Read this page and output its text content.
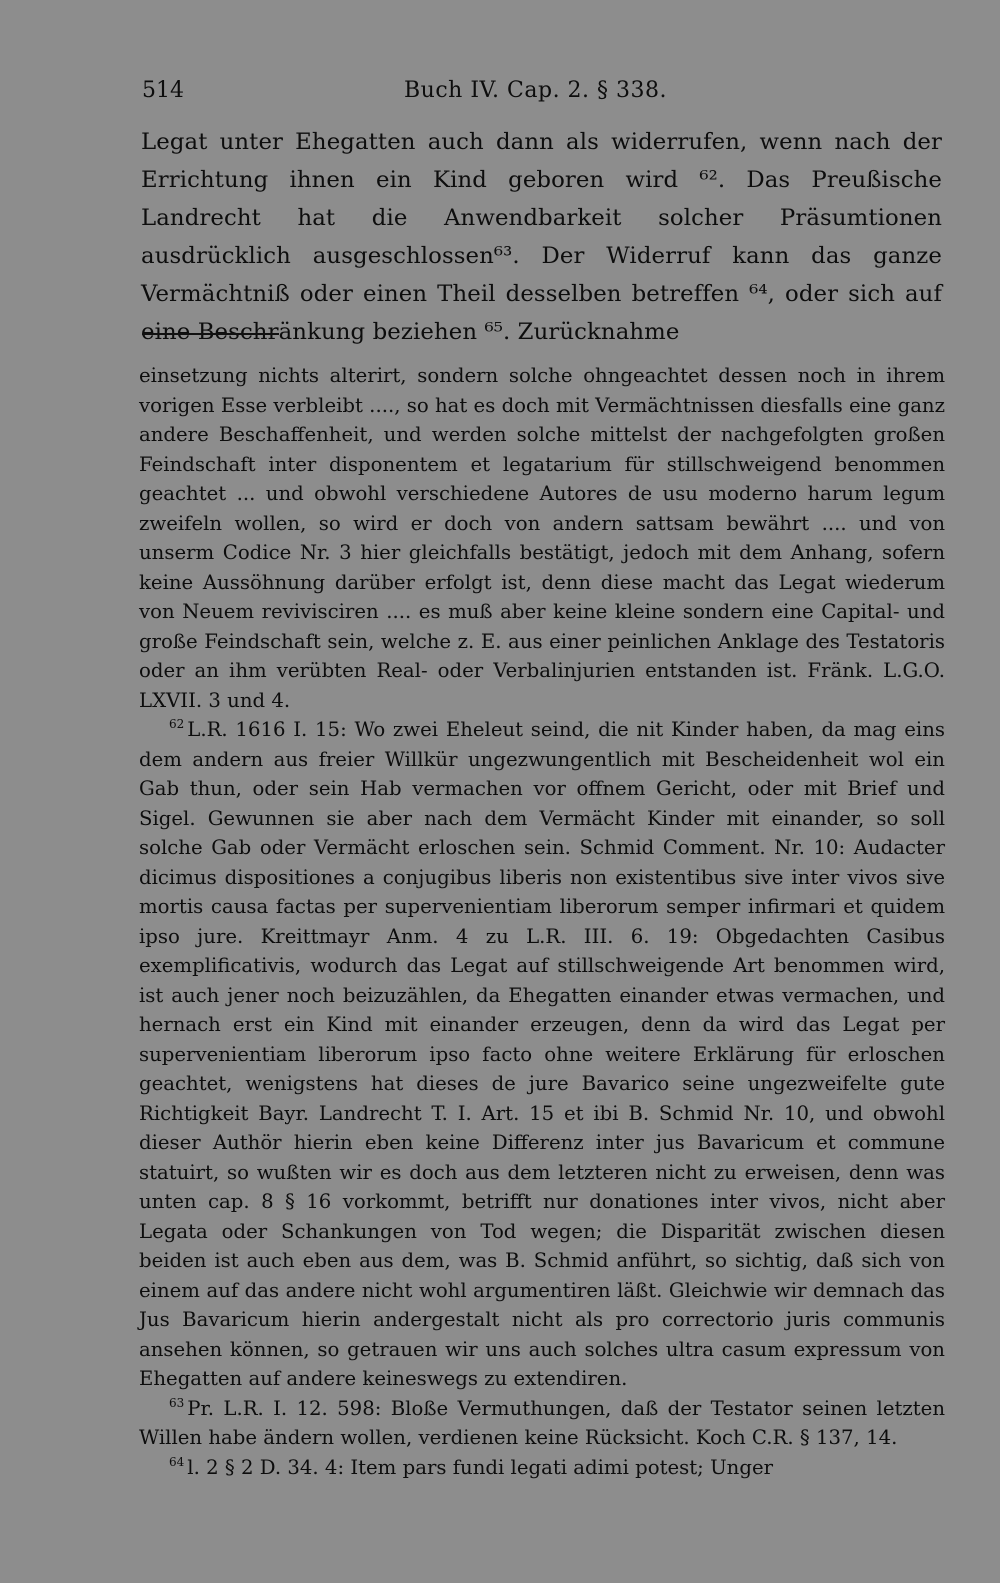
514	Buch IV. Cap. 2. § 338.
Legat unter Ehegatten auch dann als widerrufen, wenn nach der Errichtung ihnen ein Kind geboren wird ⁶². Das Preußische Landrecht hat die Anwendbarkeit solcher Präsumtionen ausdrücklich ausgeschlossen⁶³. Der Widerruf kann das ganze Vermächtniß oder einen Theil desselben betreffen ⁶⁴, oder sich auf eine Beschränkung beziehen ⁶⁵. Zurücknahme

einsetzung nichts alterirt, sondern solche ohngeachtet dessen noch in ihrem vorigen Esse verbleibt ...., so hat es doch mit Vermächtnissen diesfalls eine ganz andere Beschaffenheit, und werden solche mittelst der nachgefolgten großen Feindschaft inter disponentem et legatarium für stillschweigend benommen geachtet ... und obwohl verschiedene Autores de usu moderno harum legum zweifeln wollen, so wird er doch von andern sattsam bewährt .... und von unserm Codice Nr. 3 hier gleichfalls bestätigt, jedoch mit dem Anhang, sofern keine Aussöhnung darüber erfolgt ist, denn diese macht das Legat wiederum von Neuem revivisciren .... es muß aber keine kleine sondern eine Capital- und große Feindschaft sein, welche z. E. aus einer peinlichen Anklage des Testatoris oder an ihm verübten Real- oder Verbalinjurien entstanden ist. Fränk. L.G.O. LXVII. 3 und 4.

$^{62}$ L.R. 1616 I. 15: Wo zwei Eheleut seind, die nit Kinder haben, da mag eins dem andern aus freier Willkür ungezwungentlich mit Bescheidenheit wol ein Gab thun, oder sein Hab vermachen vor offnem Gericht, oder mit Brief und Sigel. Gewunnen sie aber nach dem Vermächt Kinder mit einander, so soll solche Gab oder Vermächt erloschen sein. Schmid Comment. Nr. 10: Audacter dicimus dispositiones a conjugibus liberis non existentibus sive inter vivos sive mortis causa factas per supervenientiam liberorum semper infirmari et quidem ipso jure. Kreittmayr Anm. 4 zu L.R. III. 6. 19: Obgedachten Casibus exemplificativis, wodurch das Legat auf stillschweigende Art benommen wird, ist auch jener noch beizuzählen, da Ehegatten einander etwas vermachen, und hernach erst ein Kind mit einander erzeugen, denn da wird das Legat per supervenientiam liberorum ipso facto ohne weitere Erklärung für erloschen geachtet, wenigstens hat dieses de jure Bavarico seine ungezweifelte gute Richtigkeit Bayr. Landrecht T. I. Art. 15 et ibi B. Schmid Nr. 10, und obwohl dieser Authör hierin eben keine Differenz inter jus Bavaricum et commune statuirt, so wußten wir es doch aus dem letzteren nicht zu erweisen, denn was unten cap. 8 § 16 vorkommt, betrifft nur donationes inter vivos, nicht aber Legata oder Schankungen von Tod wegen; die Disparität zwischen diesen beiden ist auch eben aus dem, was B. Schmid anführt, so sichtig, daß sich von einem auf das andere nicht wohl argumentiren läßt. Gleichwie wir demnach das Jus Bavaricum hierin andergestalt nicht als pro correctorio juris communis ansehen können, so getrauen wir uns auch solches ultra casum expressum von Ehegatten auf andere keineswegs zu extendiren.

$^{63}$ Pr. L.R. I. 12. 598: Bloße Vermuthungen, daß der Testator seinen letzten Willen habe ändern wollen, verdienen keine Rücksicht. Koch C.R. § 137, 14.

$^{64}$ l. 2 § 2 D. 34. 4: Item pars fundi legati adimi potest; Unger
